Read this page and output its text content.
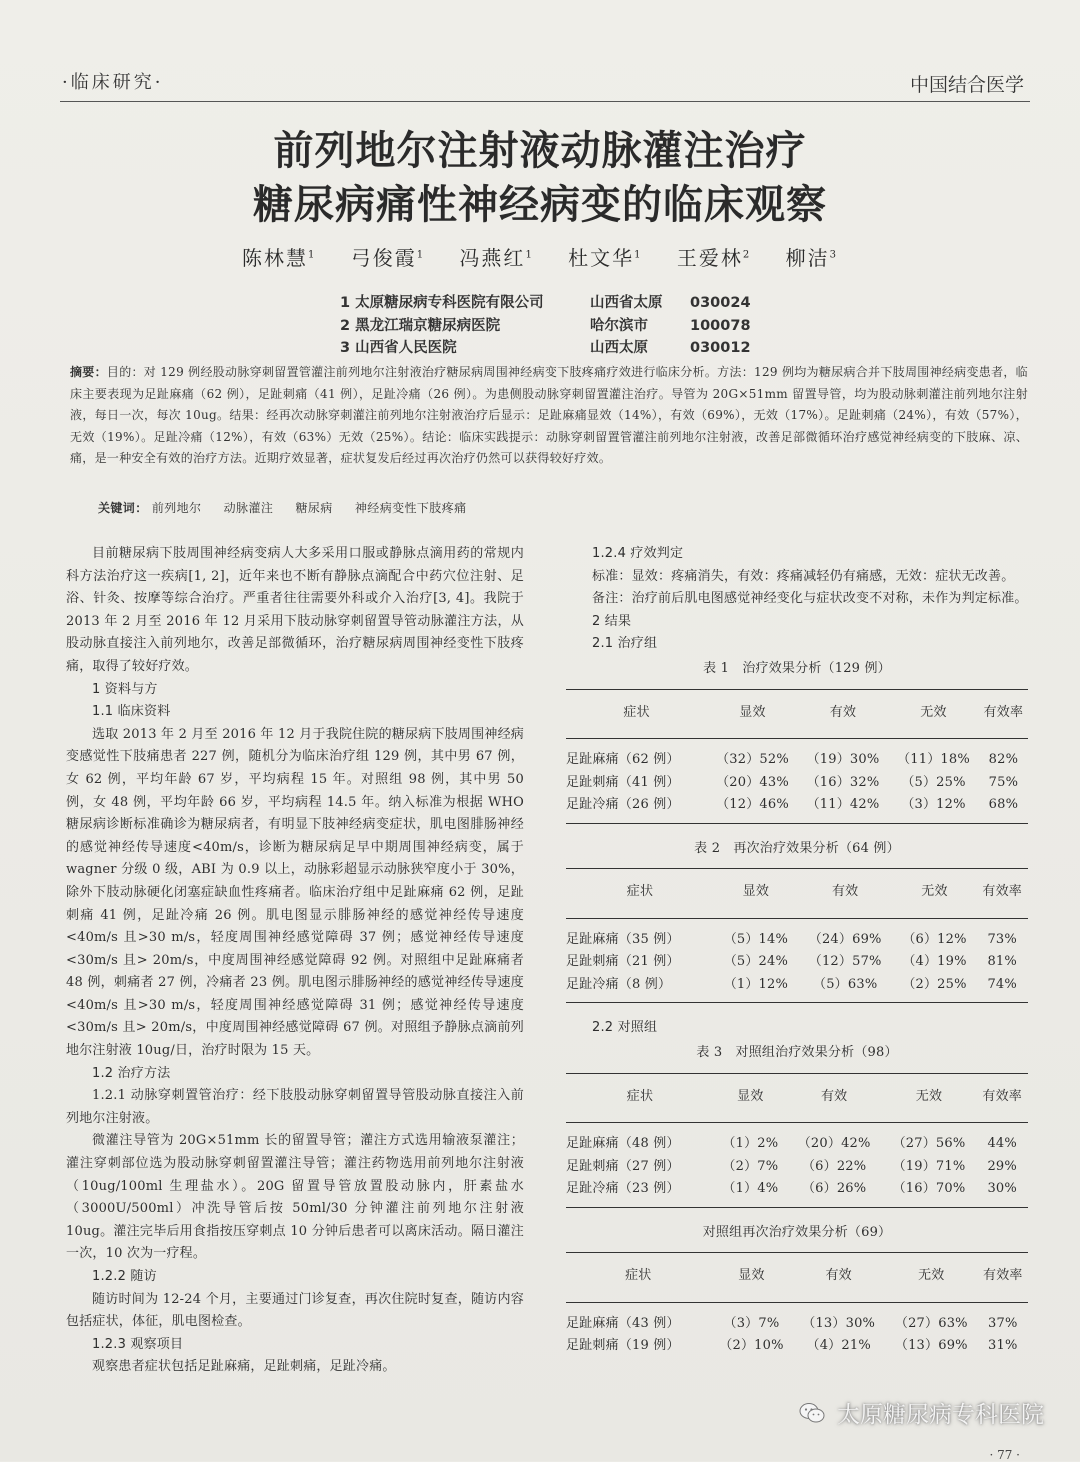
·临床研究·	中国结合医学
前列地尔注射液动脉灌注治疗
糖尿病痛性神经病变的临床观察
陈林慧$^1$ 弓俊霞$^1$ 冯燕红$^1$ 杜文华$^1$ 王爱林$^2$ 柳洁$^3$
1 太原糖尿病专科医院有限公司	山西省太原	030024
2 黑龙江瑞京糖尿病医院	哈尔滨市	100078
3 山西省人民医院	山西太原	030012
摘要：目的：对 129 例经股动脉穿刺留置管灌注前列地尔注射液治疗糖尿病周围神经病变下肢疼痛疗效进行临床分析。方法：129 例均为糖尿病合并下肢周围神经病变患者，临床主要表现为足趾麻痛（62 例），足趾刺痛（41 例），足趾冷痛（26 例）。为患侧股动脉穿刺留置灌注治疗。导管为 20G×51mm 留置导管，均为股动脉刺灌注前列地尔注射液，每日一次，每次 10ug。结果：经再次动脉穿刺灌注前列地尔注射液治疗后显示：足趾麻痛显效（14%），有效（69%），无效（17%）。足趾刺痛（24%），有效（57%），无效（19%）。足趾冷痛（12%），有效（63%）无效（25%）。结论：临床实践提示：动脉穿刺留置管灌注前列地尔注射液，改善足部微循环治疗感觉神经病变的下肢麻、凉、痛，是一种安全有效的治疗方法。近期疗效显著，症状复发后经过再次治疗仍然可以获得较好疗效。
关键词： 前列地尔 动脉灌注 糖尿病 神经病变性下肢疼痛

目前糖尿病下肢周围神经病变病人大多采用口服或静脉点滴用药的常规内科方法治疗这一疾病[1, 2]，近年来也不断有静脉点滴配合中药穴位注射、足浴、针灸、按摩等综合治疗。严重者往往需要外科或介入治疗[3, 4]。我院于 2013 年 2 月至 2016 年 12 月采用下肢动脉穿刺留置导管动脉灌注方法，从股动脉直接注入前列地尔，改善足部微循环，治疗糖尿病周围神经变性下肢疼痛，取得了较好疗效。

1 资料与方

1.1 临床资料

选取 2013 年 2 月至 2016 年 12 月于我院住院的糖尿病下肢周围神经病变感觉性下肢痛患者 227 例，随机分为临床治疗组 129 例，其中男 67 例，女 62 例，平均年龄 67 岁，平均病程 15 年。对照组 98 例，其中男 50 例，女 48 例，平均年龄 66 岁，平均病程 14.5 年。纳入标准为根据 WHO 糖尿病诊断标准确诊为糖尿病者，有明显下肢神经病变症状，肌电图腓肠神经的感觉神经传导速度<40m/s，诊断为糖尿病足早中期周围神经病变，属于 wagner 分级 0 级，ABI 为 0.9 以上，动脉彩超显示动脉狭窄度小于 30%，除外下肢动脉硬化闭塞症缺血性疼痛者。临床治疗组中足趾麻痛 62 例，足趾刺痛 41 例，足趾冷痛 26 例。肌电图显示腓肠神经的感觉神经传导速度<40m/s 且>30 m/s，轻度周围神经感觉障碍 37 例；感觉神经传导速度<30m/s 且> 20m/s，中度周围神经感觉障碍 92 例。对照组中足趾麻痛者 48 例，刺痛者 27 例，冷痛者 23 例。肌电图示腓肠神经的感觉神经传导速度<40m/s 且>30 m/s，轻度周围神经感觉障碍 31 例；感觉神经传导速度<30m/s 且> 20m/s，中度周围神经感觉障碍 67 例。对照组予静脉点滴前列地尔注射液 10ug/日，治疗时限为 15 天。

1.2 治疗方法

1.2.1 动脉穿刺置管治疗：经下肢股动脉穿刺留置导管股动脉直接注入前列地尔注射液。

微灌注导管为 20G×51mm 长的留置导管；灌注方式选用输液泵灌注；灌注穿刺部位选为股动脉穿刺留置灌注导管；灌注药物选用前列地尔注射液（10ug/100ml 生理盐水）。20G 留置导管放置股动脉内，肝素盐水（3000U/500ml）冲洗导管后按 50ml/30 分钟灌注前列地尔注射液 10ug。灌注完毕后用食指按压穿刺点 10 分钟后患者可以离床活动。隔日灌注一次，10 次为一疗程。

1.2.2 随访

随访时间为 12-24 个月，主要通过门诊复查，再次住院时复查，随访内容包括症状，体征，肌电图检查。

1.2.3 观察项目

观察患者症状包括足趾麻痛，足趾刺痛，足趾冷痛。

1.2.4 疗效判定

标准：显效：疼痛消失，有效：疼痛减轻仍有痛感，无效：症状无改善。

备注：治疗前后肌电图感觉神经变化与症状改变不对称，未作为判定标准。

2 结果

2.1 治疗组

表 1　治疗效果分析（129 例）
症状	显效	有效	无效	有效率
足趾麻痛（62 例）	（32）52%	（19）30%	（11）18%	82%
足趾刺痛（41 例）	（20）43%	（16）32%	（5）25%	75%
足趾冷痛（26 例）	（12）46%	（11）42%	（3）12%	68%
表 2　再次治疗效果分析（64 例）
症状	显效	有效	无效	有效率
足趾麻痛（35 例）	（5）14%	（24）69%	（6）12%	73%
足趾刺痛（21 例）	（5）24%	（12）57%	（4）19%	81%
足趾冷痛（8 例）	（1）12%	（5）63%	（2）25%	74%

2.2 对照组

表 3　对照组治疗效果分析（98）
症状	显效	有效	无效	有效率
足趾麻痛（48 例）	（1）2%	（20）42%	（27）56%	44%
足趾刺痛（27 例）	（2）7%	（6）22%	（19）71%	29%
足趾冷痛（23 例）	（1）4%	（6）26%	（16）70%	30%
对照组再次治疗效果分析（69）
症状	显效	有效	无效	有效率
足趾麻痛（43 例）	（3）7%	（13）30%	（27）63%	37%
足趾刺痛（19 例）	（2）10%	（4）21%	（13）69%	31%
太原糖尿病专科医院
· 77 ·
